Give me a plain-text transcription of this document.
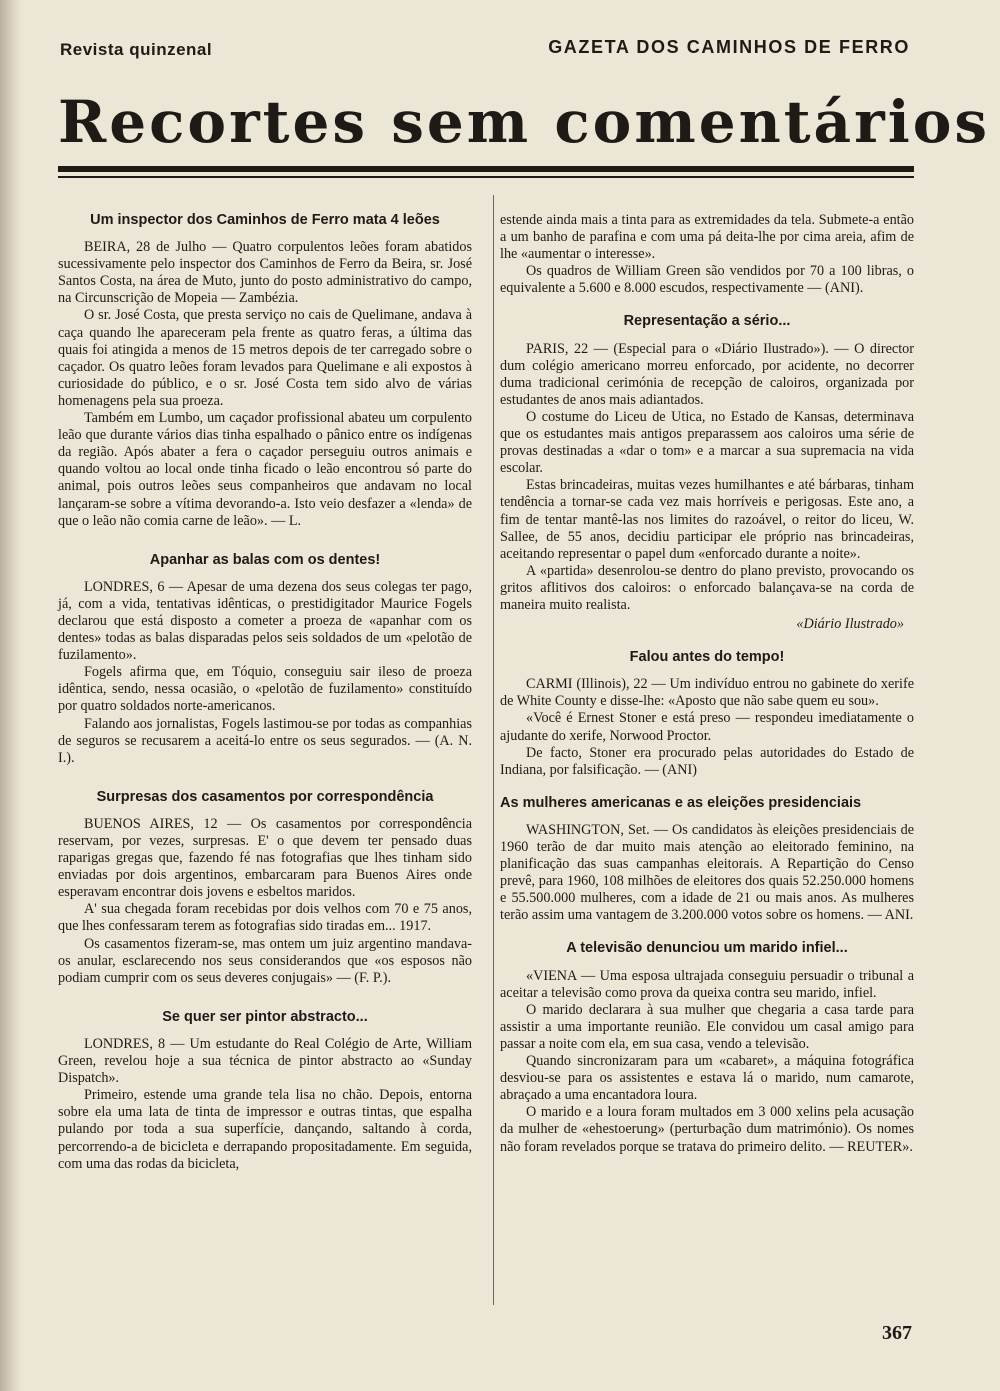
Revista quinzenal	GAZETA DOS CAMINHOS DE FERRO
Recortes sem comentários
Um inspector dos Caminhos de Ferro mata 4 leões

BEIRA, 28 de Julho — Quatro corpulentos leões foram abatidos sucessivamente pelo inspector dos Caminhos de Ferro da Beira, sr. José Santos Costa, na área de Muto, junto do posto administrativo do campo, na Circunscrição de Mopeia — Zambézia.

O sr. José Costa, que presta serviço no cais de Quelimane, andava à caça quando lhe apareceram pela frente as quatro feras, a última das quais foi atingida a menos de 15 metros depois de ter carregado sobre o caçador. Os quatro leões foram levados para Quelimane e ali expostos à curiosidade do público, e o sr. José Costa tem sido alvo de várias homenagens pela sua proeza.

Também em Lumbo, um caçador profissional abateu um corpulento leão que durante vários dias tinha espalhado o pânico entre os indígenas da região. Após abater a fera o caçador perseguiu outros animais e quando voltou ao local onde tinha ficado o leão encontrou só parte do animal, pois outros leões seus companheiros que andavam no local lançaram-se sobre a vítima devorando-a. Isto veio desfazer a «lenda» de que o leão não comia carne de leão». — L.

Apanhar as balas com os dentes!

LONDRES, 6 — Apesar de uma dezena dos seus colegas ter pago, já, com a vida, tentativas idênticas, o prestidigitador Maurice Fogels declarou que está disposto a cometer a proeza de «apanhar com os dentes» todas as balas disparadas pelos seis soldados de um «pelotão de fuzilamento».

Fogels afirma que, em Tóquio, conseguiu sair ileso de proeza idêntica, sendo, nessa ocasião, o «pelotão de fuzilamento» constituído por quatro soldados norte-americanos.

Falando aos jornalistas, Fogels lastimou-se por todas as companhias de seguros se recusarem a aceitá-lo entre os seus segurados. — (A. N. I.).

Surpresas dos casamentos por correspondência

BUENOS AIRES, 12 — Os casamentos por correspondência reservam, por vezes, surpresas. E' o que devem ter pensado duas raparigas gregas que, fazendo fé nas fotografias que lhes tinham sido enviadas por dois argentinos, embarcaram para Buenos Aires onde esperavam encontrar dois jovens e esbeltos maridos.

A' sua chegada foram recebidas por dois velhos com 70 e 75 anos, que lhes confessaram terem as fotografias sido tiradas em... 1917.

Os casamentos fizeram-se, mas ontem um juiz argentino mandava-os anular, esclarecendo nos seus considerandos que «os esposos não podiam cumprir com os seus deveres conjugais» — (F. P.).

Se quer ser pintor abstracto...

LONDRES, 8 — Um estudante do Real Colégio de Arte, William Green, revelou hoje a sua técnica de pintor abstracto ao «Sunday Dispatch».

Primeiro, estende uma grande tela lisa no chão. Depois, entorna sobre ela uma lata de tinta de impressor e outras tintas, que espalha pulando por toda a sua superfície, dançando, saltando à corda, percorrendo-a de bicicleta e derrapando propositadamente. Em seguida, com uma das rodas da bicicleta,

estende ainda mais a tinta para as extremidades da tela. Submete-a então a um banho de parafina e com uma pá deita-lhe por cima areia, afim de lhe «aumentar o interesse».

Os quadros de William Green são vendidos por 70 a 100 libras, o equivalente a 5.600 e 8.000 escudos, respectivamente — (ANI).

Representação a sério...

PARIS, 22 — (Especial para o «Diário Ilustrado»). — O director dum colégio americano morreu enforcado, por acidente, no decorrer duma tradicional cerimónia de recepção de caloiros, organizada por estudantes de anos mais adiantados.

O costume do Liceu de Utica, no Estado de Kansas, determinava que os estudantes mais antigos preparassem aos caloiros uma série de provas destinadas a «dar o tom» e a marcar a sua supremacia na vida escolar.

Estas brincadeiras, muitas vezes humilhantes e até bárbaras, tinham tendência a tornar-se cada vez mais horríveis e perigosas. Este ano, a fim de tentar mantê-las nos limites do razoável, o reitor do liceu, W. Sallee, de 55 anos, decidiu participar ele próprio nas brincadeiras, aceitando representar o papel dum «enforcado durante a noite».

A «partida» desenrolou-se dentro do plano previsto, provocando os gritos aflitivos dos caloiros: o enforcado balançava-se na corda de maneira muito realista.

«Diário Ilustrado»

Falou antes do tempo!

CARMI (Illinois), 22 — Um indivíduo entrou no gabinete do xerife de White County e disse-lhe: «Aposto que não sabe quem eu sou».

«Você é Ernest Stoner e está preso — respondeu imediatamente o ajudante do xerife, Norwood Proctor.

De facto, Stoner era procurado pelas autoridades do Estado de Indiana, por falsificação. — (ANI)

As mulheres americanas e as eleições presidenciais

WASHINGTON, Set. — Os candidatos às eleições presidenciais de 1960 terão de dar muito mais atenção ao eleitorado feminino, na planificação das suas campanhas eleitorais. A Repartição do Censo prevê, para 1960, 108 milhões de eleitores dos quais 52.250.000 homens e 55.500.000 mulheres, com a idade de 21 ou mais anos. As mulheres terão assim uma vantagem de 3.200.000 votos sobre os homens. — ANI.

A televisão denunciou um marido infiel...

«VIENA — Uma esposa ultrajada conseguiu persuadir o tribunal a aceitar a televisão como prova da queixa contra seu marido, infiel.

O marido declarara à sua mulher que chegaria a casa tarde para assistir a uma importante reunião. Ele convidou um casal amigo para passar a noite com ela, em sua casa, vendo a televisão.

Quando sincronizaram para um «cabaret», a máquina fotográfica desviou-se para os assistentes e estava lá o marido, num camarote, abraçado a uma encantadora loura.

O marido e a loura foram multados em 3 000 xelins pela acusação da mulher de «ehestoerung» (perturbação dum matrimónio). Os nomes não foram revelados porque se tratava do primeiro delito. — REUTER».

367
